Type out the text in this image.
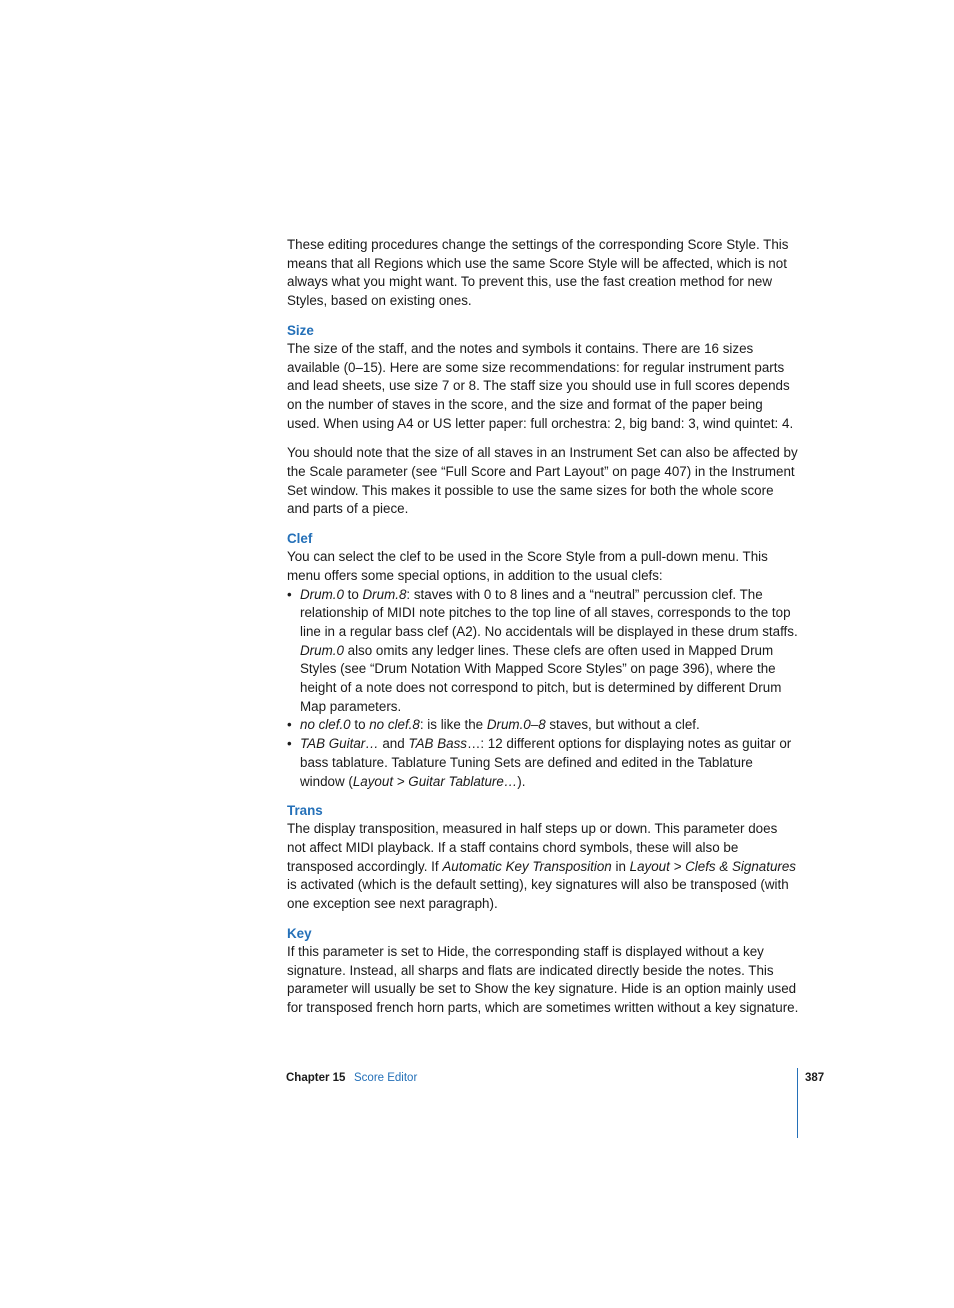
These editing procedures change the settings of the corresponding Score Style. This means that all Regions which use the same Score Style will be affected, which is not always what you might want. To prevent this, use the fast creation method for new Styles, based on existing ones.

Size

The size of the staff, and the notes and symbols it contains. There are 16 sizes available (0–15). Here are some size recommendations: for regular instrument parts and lead sheets, use size 7 or 8. The staff size you should use in full scores depends on the number of staves in the score, and the size and format of the paper being used. When using A4 or US letter paper: full orchestra: 2, big band: 3, wind quintet: 4.

You should note that the size of all staves in an Instrument Set can also be affected by the Scale parameter (see “Full Score and Part Layout” on page 407) in the Instrument Set window. This makes it possible to use the same sizes for both the whole score and parts of a piece.

Clef

You can select the clef to be used in the Score Style from a pull-down menu. This menu offers some special options, in addition to the usual clefs:

• Drum.0 to Drum.8: staves with 0 to 8 lines and a “neutral” percussion clef. The relationship of MIDI note pitches to the top line of all staves, corresponds to the top line in a regular bass clef (A2). No accidentals will be displayed in these drum staffs. Drum.0 also omits any ledger lines. These clefs are often used in Mapped Drum Styles (see “Drum Notation With Mapped Score Styles” on page 396), where the height of a note does not correspond to pitch, but is determined by different Drum Map parameters.
• no clef.0 to no clef.8: is like the Drum.0–8 staves, but without a clef.
• TAB Guitar… and TAB Bass…: 12 different options for displaying notes as guitar or bass tablature. Tablature Tuning Sets are defined and edited in the Tablature window (Layout > Guitar Tablature…).

Trans

The display transposition, measured in half steps up or down. This parameter does not affect MIDI playback. If a staff contains chord symbols, these will also be transposed accordingly. If Automatic Key Transposition in Layout > Clefs & Signatures is activated (which is the default setting), key signatures will also be transposed (with one exception see next paragraph).

Key

If this parameter is set to Hide, the corresponding staff is displayed without a key signature. Instead, all sharps and flats are indicated directly beside the notes. This parameter will usually be set to Show the key signature. Hide is an option mainly used for transposed french horn parts, which are sometimes written without a key signature.

Chapter 15 Score Editor	387
